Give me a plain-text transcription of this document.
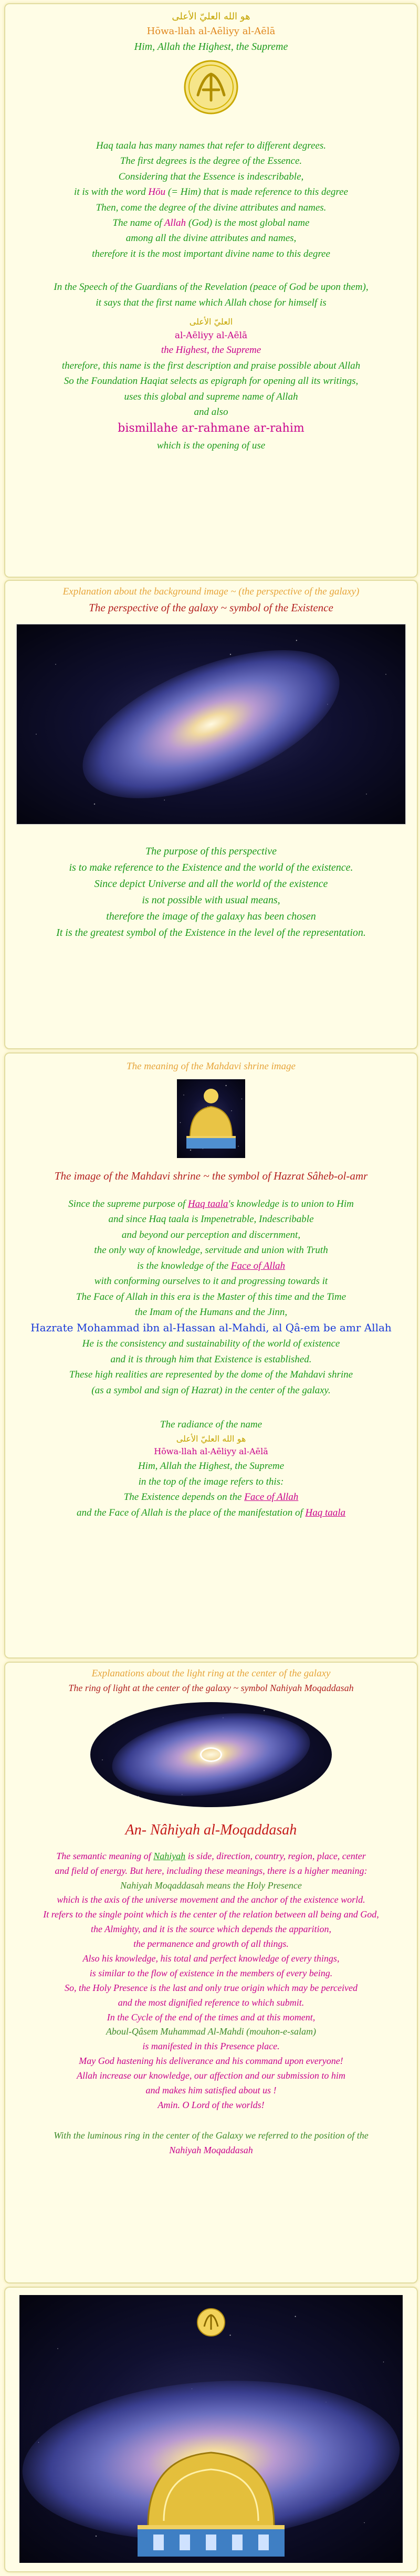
هو الله العليّ الأعلى
Hōwa-llah al-Aēliyy al-Aēlā
Him, Allah the Highest, the Supreme
Haq taala has many names that refer to different degrees.
The first degrees is the degree of the Essence.
Considering that the Essence is indescribable,
it is with the word Hōu (= Him) that is made reference to this degree
Then, come the degree of the divine attributes and names.
The name of Allah (God) is the most global name
among all the divine attributes and names,
therefore it is the most important divine name to this degree
In the Speech of the Guardians of the Revelation (peace of God be upon them),
it says that the first name which Allah chose for himself is
العليّ الأعلى
al-Aēliyy al-Aēlā
the Highest, the Supreme
therefore, this name is the first description and praise possible about Allah
So the Foundation Haqiat selects as epigraph for opening all its writings,
uses this global and supreme name of Allah
and also
bismillahe ar-rahmane ar-rahim
which is the opening of use
Explanation about the background image ~ (the perspective of the galaxy)
The perspective of the galaxy ~ symbol of the Existence
The purpose of this perspective
is to make reference to the Existence and the world of the existence.
Since depict Universe and all the world of the existence
is not possible with usual means,
therefore the image of the galaxy has been chosen
It is the greatest symbol of the Existence in the level of the representation.
The meaning of the Mahdavi shrine image
The image of the Mahdavi shrine ~ the symbol of Hazrat Sâheb-ol-amr
Since the supreme purpose of Haq taala's knowledge is to union to Him
and since Haq taala is Impenetrable, Indescribable
and beyond our perception and discernment,
the only way of knowledge, servitude and union with Truth
is the knowledge of the Face of Allah
with conforming ourselves to it and progressing towards it
The Face of Allah in this era is the Master of this time and the Time
the Imam of the Humans and the Jinn,
Hazrate Mohammad ibn al-Hassan al-Mahdi, al Qâ-em be amr Allah
He is the consistency and sustainability of the world of existence
and it is through him that Existence is established.
These high realities are represented by the dome of the Mahdavi shrine
(as a symbol and sign of Hazrat) in the center of the galaxy.
The radiance of the name
هو الله العليّ الأعلى
Hōwa-llah al-Aēliyy al-Aēlā
Him, Allah the Highest, the Supreme
in the top of the image refers to this:
The Existence depends on the Face of Allah
and the Face of Allah is the place of the manifestation of Haq taala
Explanations about the light ring at the center of the galaxy
The ring of light at the center of the galaxy ~ symbol Nahiyah Moqaddasah
An- Nâhiyah al-Moqaddasah
The semantic meaning of Nahiyah is side, direction, country, region, place, center
and field of energy. But here, including these meanings, there is a higher meaning:
Nahiyah Moqaddasah means the Holy Presence
which is the axis of the universe movement and the anchor of the existence world.
It refers to the single point which is the center of the relation between all being and God,
the Almighty, and it is the source which depends the apparition,
the permanence and growth of all things.
Also his knowledge, his total and perfect knowledge of every things,
is similar to the flow of existence in the members of every being.
So, the Holy Presence is the last and only true origin which may be perceived
and the most dignified reference to which submit.
In the Cycle of the end of the times and at this moment,
Aboul-Qâsem Muhammad Al-Mahdi (mouhon-e-salam)
is manifested in this Presence place.
May God hastening his deliverance and his command upon everyone!
Allah increase our knowledge, our affection and our submission to him
and makes him satisfied about us !
Amin. O Lord of the worlds!
With the luminous ring in the center of the Galaxy we referred to the position of the
Nahiyah Moqaddasah
